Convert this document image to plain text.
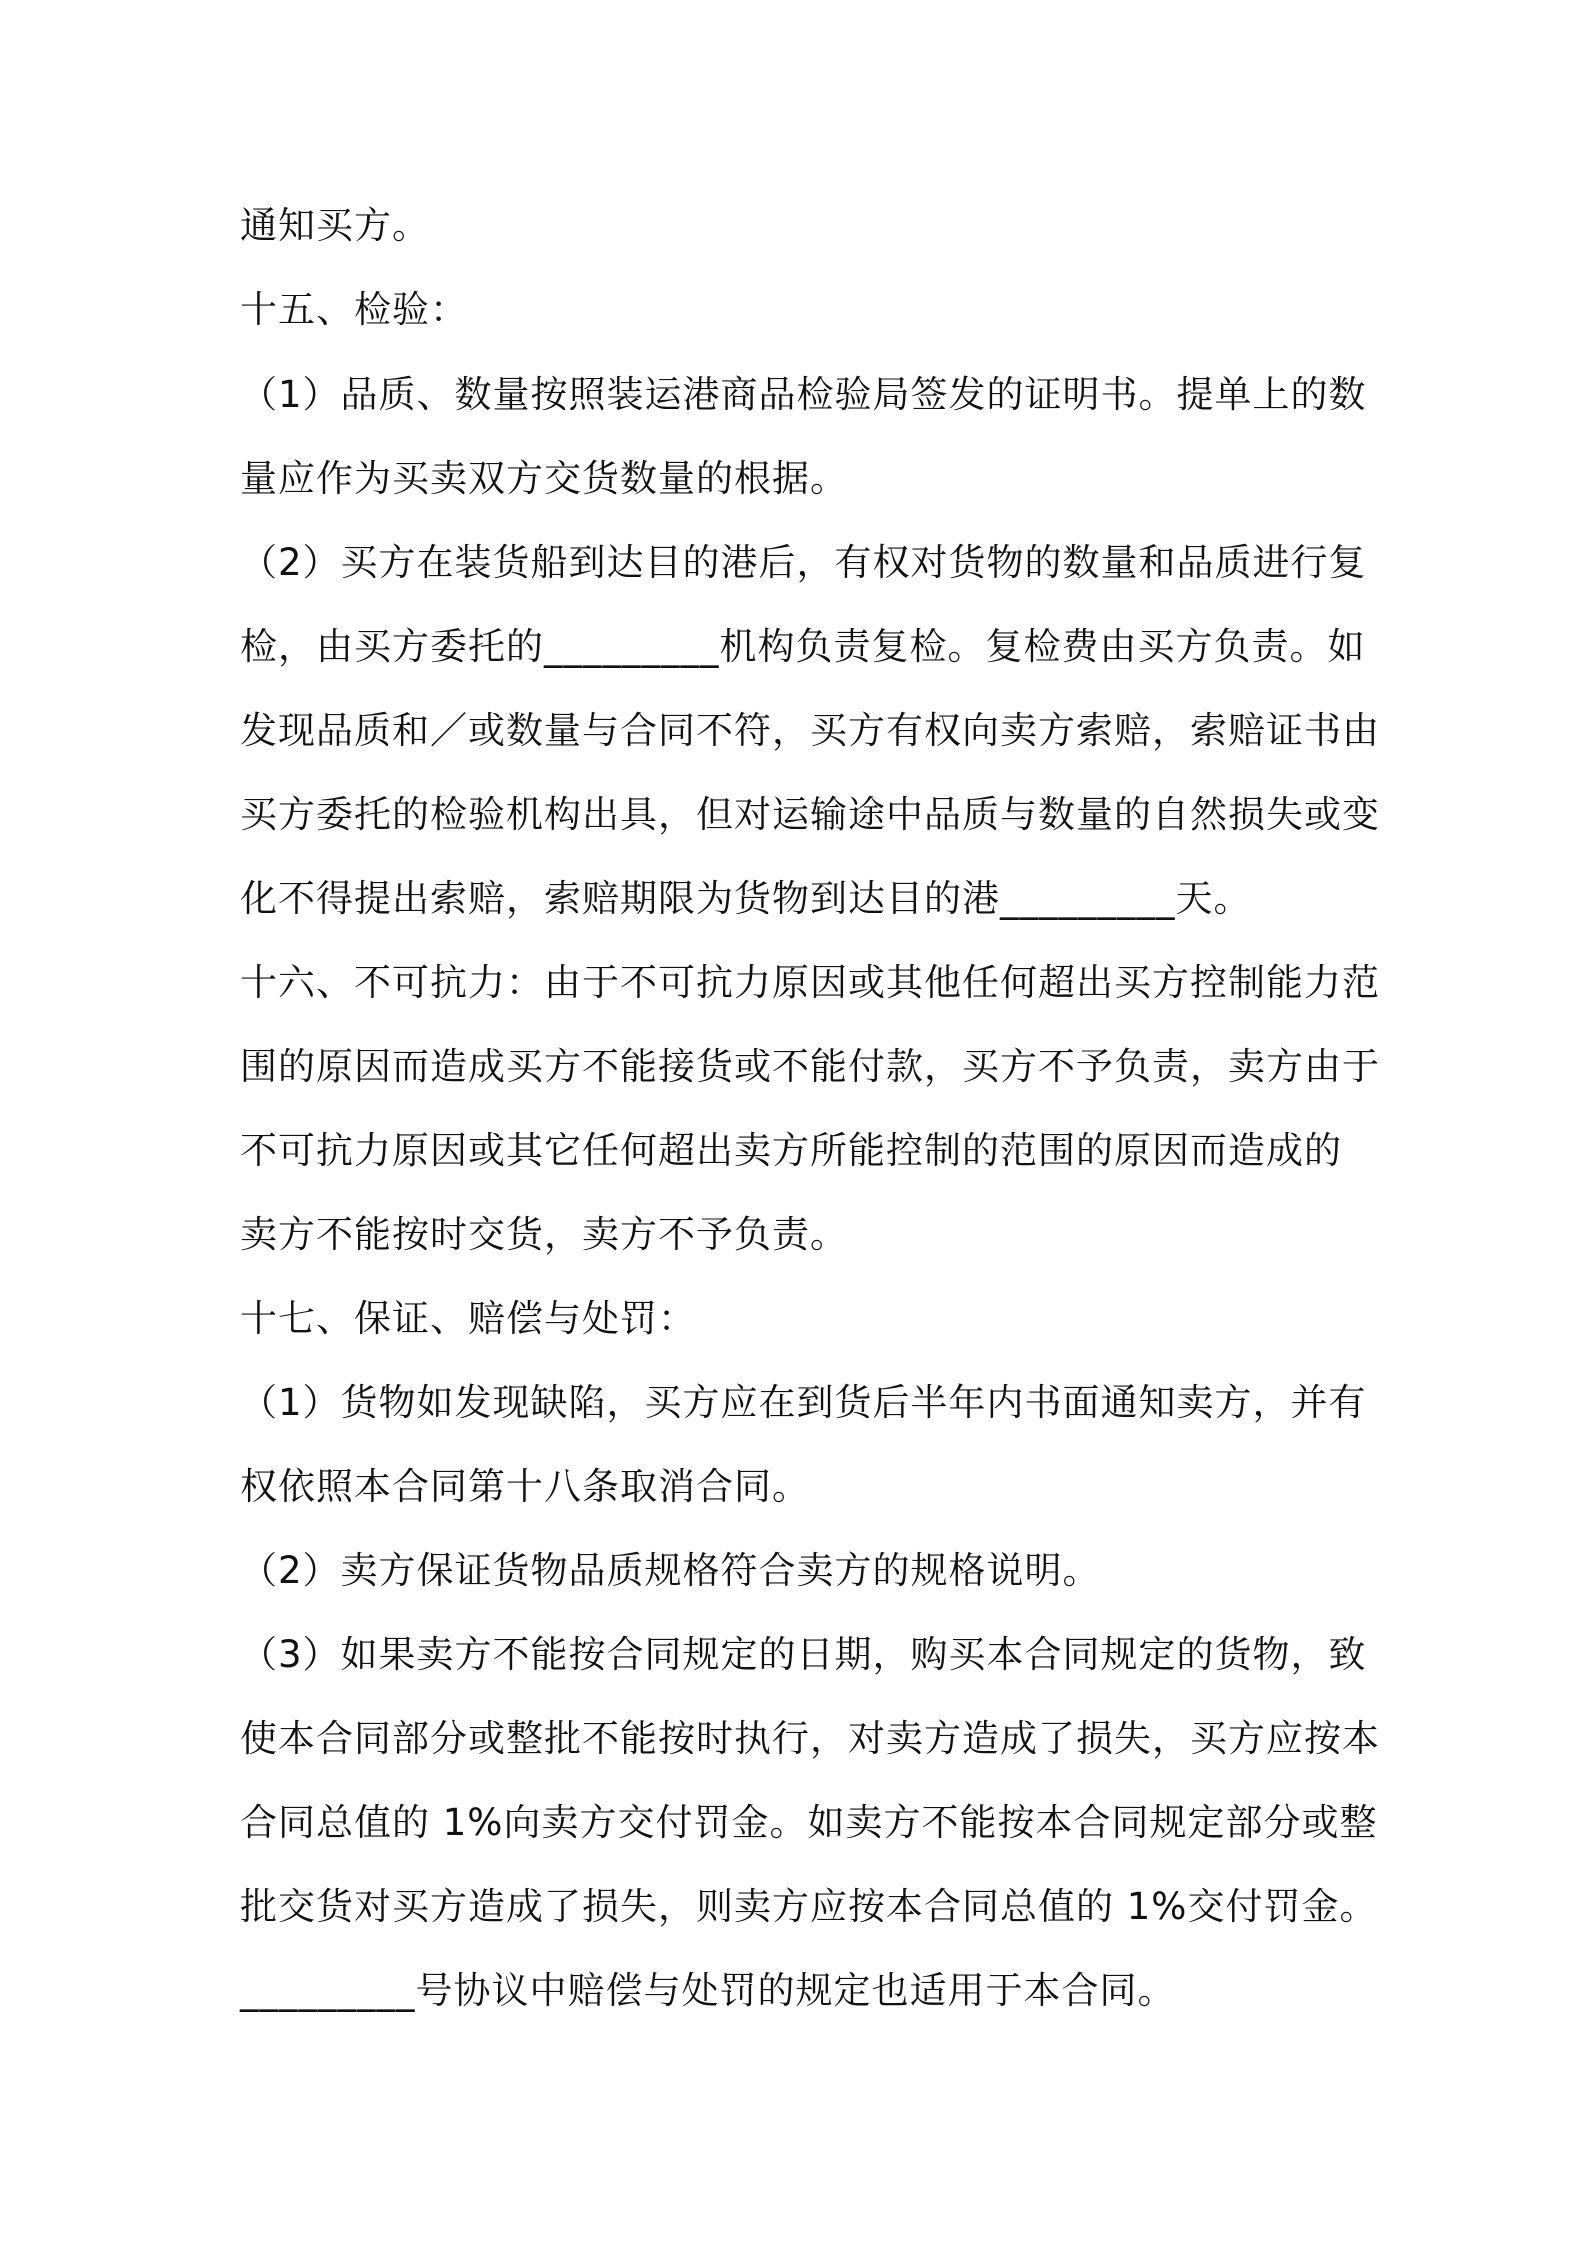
通知买方。
十五、检验：
（1）品质、数量按照装运港商品检验局签发的证明书。提单上的数
量应作为买卖双方交货数量的根据。
（2）买方在装货船到达目的港后，有权对货物的数量和品质进行复
检，由买方委托的_________机构负责复检。复检费由买方负责。如
发现品质和／或数量与合同不符，买方有权向卖方索赔，索赔证书由
买方委托的检验机构出具，但对运输途中品质与数量的自然损失或变
化不得提出索赔，索赔期限为货物到达目的港_________天。
十六、不可抗力：由于不可抗力原因或其他任何超出买方控制能力范
围的原因而造成买方不能接货或不能付款，买方不予负责，卖方由于
不可抗力原因或其它任何超出卖方所能控制的范围的原因而造成的
卖方不能按时交货，卖方不予负责。
十七、保证、赔偿与处罚：
（1）货物如发现缺陷，买方应在到货后半年内书面通知卖方，并有
权依照本合同第十八条取消合同。
（2）卖方保证货物品质规格符合卖方的规格说明。
（3）如果卖方不能按合同规定的日期，购买本合同规定的货物，致
使本合同部分或整批不能按时执行，对卖方造成了损失，买方应按本
合同总值的 1%向卖方交付罚金。如卖方不能按本合同规定部分或整
批交货对买方造成了损失，则卖方应按本合同总值的 1%交付罚金。
_________号协议中赔偿与处罚的规定也适用于本合同。
